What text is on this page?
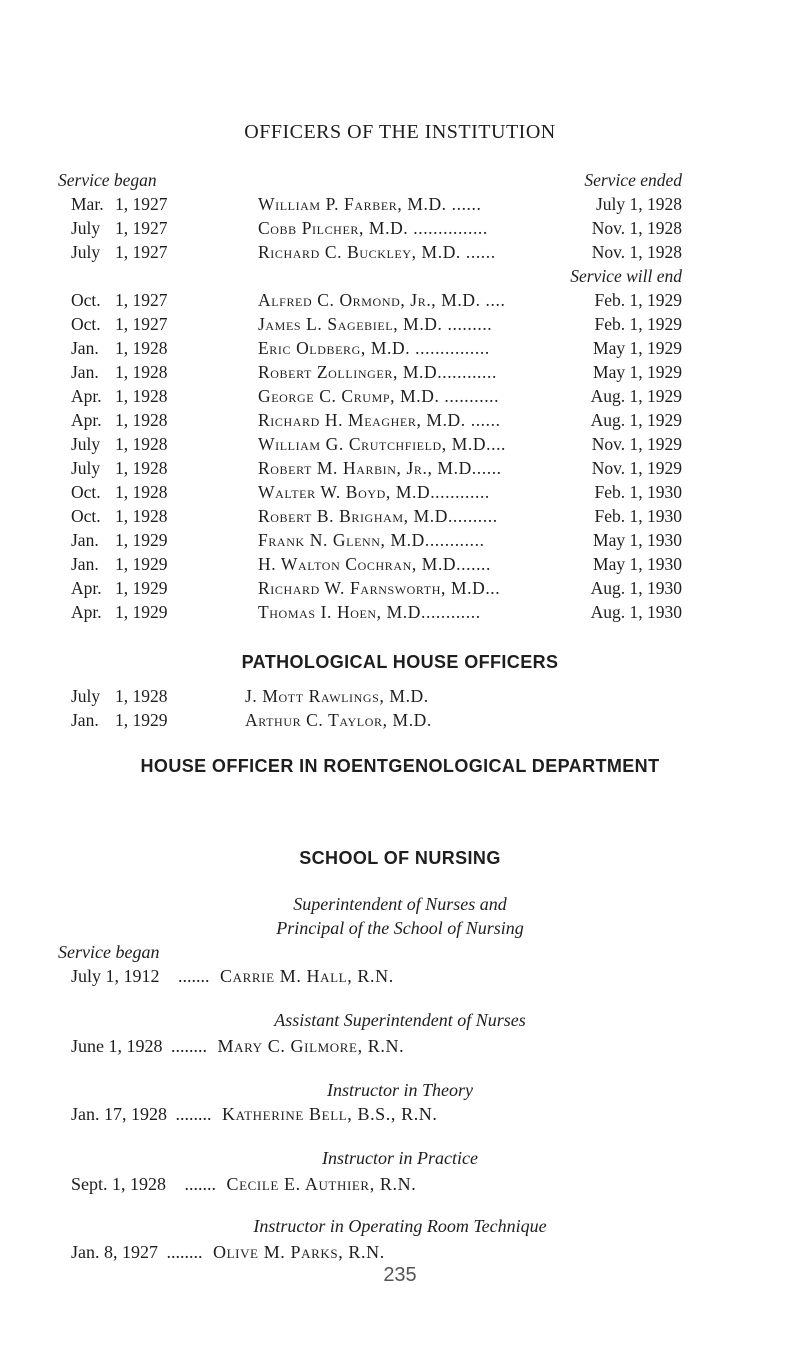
OFFICERS OF THE INSTITUTION
Service began	Service ended
Mar. 1, 1927	William P. Farber, M.D. ......	July 1, 1928
July 1, 1927	Cobb Pilcher, M.D. ...............	Nov. 1, 1928
July 1, 1927	Richard C. Buckley, M.D. ......	Nov. 1, 1928
Service will end
Oct. 1, 1927	Alfred C. Ormond, Jr., M.D. ....	Feb. 1, 1929
Oct. 1, 1927	James L. Sagebiel, M.D. .........	Feb. 1, 1929
Jan. 1, 1928	Eric Oldberg, M.D. ...............	May 1, 1929
Jan. 1, 1928	Robert Zollinger, M.D............	May 1, 1929
Apr. 1, 1928	George C. Crump, M.D. ...........	Aug. 1, 1929
Apr. 1, 1928	Richard H. Meagher, M.D. ......	Aug. 1, 1929
July 1, 1928	William G. Crutchfield, M.D....	Nov. 1, 1929
July 1, 1928	Robert M. Harbin, Jr., M.D......	Nov. 1, 1929
Oct. 1, 1928	Walter W. Boyd, M.D............	Feb. 1, 1930
Oct. 1, 1928	Robert B. Brigham, M.D..........	Feb. 1, 1930
Jan. 1, 1929	Frank N. Glenn, M.D............	May 1, 1930
Jan. 1, 1929	H. Walton Cochran, M.D.......	May 1, 1930
Apr. 1, 1929	Richard W. Farnsworth, M.D...	Aug. 1, 1930
Apr. 1, 1929	Thomas I. Hoen, M.D............	Aug. 1, 1930
PATHOLOGICAL HOUSE OFFICERS
July 1, 1928	J. Mott Rawlings, M.D.
Jan. 1, 1929	Arthur C. Taylor, M.D.
HOUSE OFFICER IN ROENTGENOLOGICAL DEPARTMENT
SCHOOL OF NURSING
Superintendent of Nurses and
Principal of the School of Nursing
Service began
July 1, 1912 ....... Carrie M. Hall, R.N.
Assistant Superintendent of Nurses
June 1, 1928 ........ Mary C. Gilmore, R.N.
Instructor in Theory
Jan. 17, 1928 ........ Katherine Bell, B.S., R.N.
Instructor in Practice
Sept. 1, 1928 ....... Cecile E. Authier, R.N.
Instructor in Operating Room Technique
Jan. 8, 1927 ........ Olive M. Parks, R.N.
235
